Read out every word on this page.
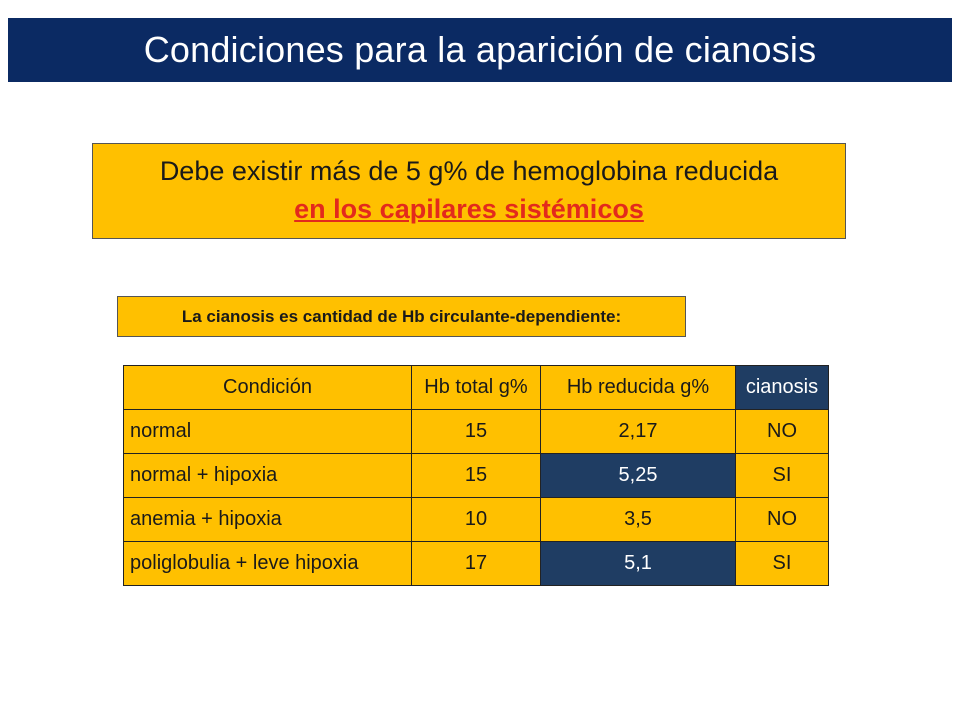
Condiciones para la aparición de cianosis
Debe existir más de 5 g% de hemoglobina reducida
en los capilares sistémicos
La cianosis es cantidad de Hb circulante-dependiente:
Condición	Hb total g%	Hb reducida g%	cianosis
normal	15	2,17	NO
normal + hipoxia	15	5,25	SI
anemia + hipoxia	10	3,5	NO
poliglobulia + leve hipoxia	17	5,1	SI
